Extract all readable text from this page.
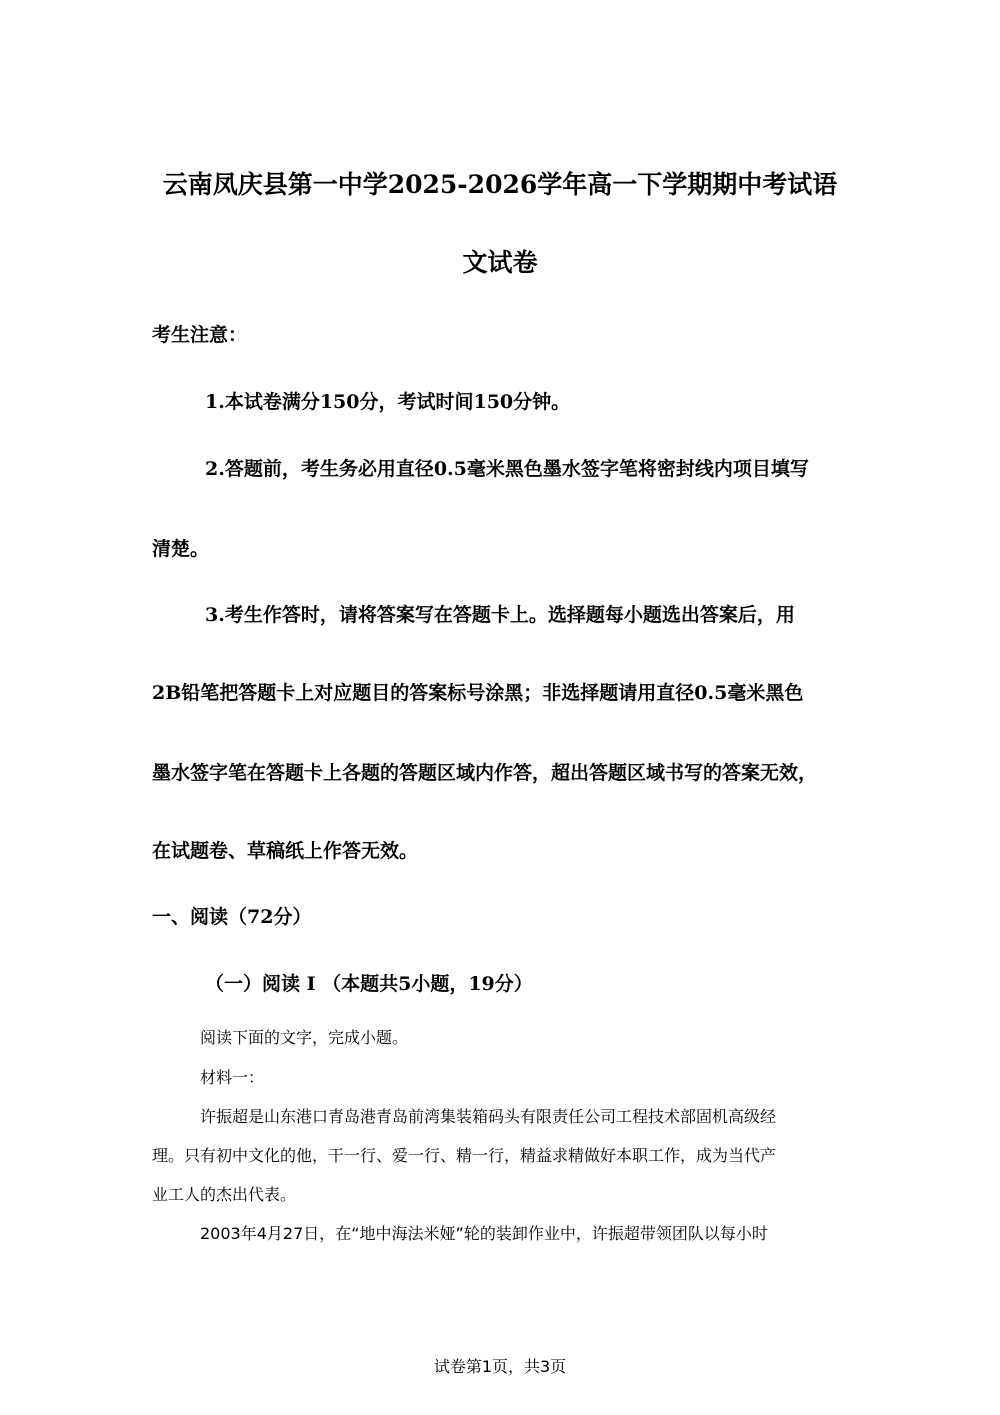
云南凤庆县第一中学2025-2026学年高一下学期期中考试语
文试卷

考生注意：

1.本试卷满分150分，考试时间150分钟。

2.答题前，考生务必用直径0.5毫米黑色墨水签字笔将密封线内项目填写

清楚。

3.考生作答时，请将答案写在答题卡上。选择题每小题选出答案后，用

2B铅笔把答题卡上对应题目的答案标号涂黑；非选择题请用直径0.5毫米黑色

墨水签字笔在答题卡上各题的答题区域内作答，超出答题区域书写的答案无效，

在试题卷、草稿纸上作答无效。

一、阅读（72分）

（一）阅读 I （本题共5小题，19分）

阅读下面的文字，完成小题。

材料一：

许振超是山东港口青岛港青岛前湾集装箱码头有限责任公司工程技术部固机高级经

理。只有初中文化的他，干一行、爱一行、精一行，精益求精做好本职工作，成为当代产

业工人的杰出代表。

2003年4月27日，在“地中海法米娅”轮的装卸作业中，许振超带领团队以每小时

试卷第1页，共3页
